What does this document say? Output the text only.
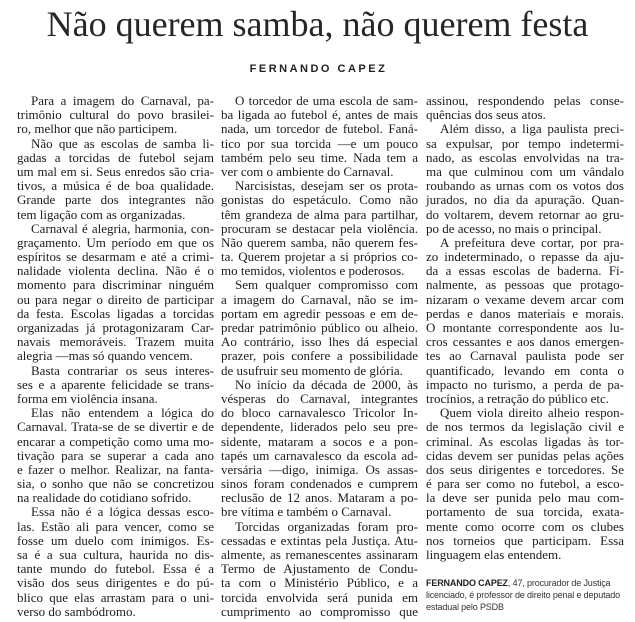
Não querem samba, não querem festa
FERNANDO CAPEZ
Para a imagem do Carnaval, pa-
trimônio cultural do povo brasilei-
ro, melhor que não participem.
Não que as escolas de samba li-
gadas a torcidas de futebol sejam
um mal em si. Seus enredos são cria-
tivos, a música é de boa qualidade.
Grande parte dos integrantes não
tem ligação com as organizadas.
Carnaval é alegria, harmonia, con-
graçamento. Um período em que os
espíritos se desarmam e até a crimi-
nalidade violenta declina. Não é o
momento para discriminar ninguém
ou para negar o direito de participar
da festa. Escolas ligadas a torcidas
organizadas já protagonizaram Car-
navais memoráveis. Trazem muita
alegria —mas só quando vencem.
Basta contrariar os seus interes-
ses e a aparente felicidade se trans-
forma em violência insana.
Elas não entendem a lógica do
Carnaval. Trata-se de se divertir e de
encarar a competição como uma mo-
tivação para se superar a cada ano
e fazer o melhor. Realizar, na fanta-
sia, o sonho que não se concretizou
na realidade do cotidiano sofrido.
Essa não é a lógica dessas esco-
las. Estão ali para vencer, como se
fosse um duelo com inimigos. Es-
sa é a sua cultura, haurida no dis-
tante mundo do futebol. Essa é a
visão dos seus dirigentes e do pú-
blico que elas arrastam para o uni-
verso do sambódromo.
O torcedor de uma escola de sam-
ba ligada ao futebol é, antes de mais
nada, um torcedor de futebol. Faná-
tico por sua torcida —e um pouco
também pelo seu time. Nada tem a
ver com o ambiente do Carnaval.
Narcisistas, desejam ser os prota-
gonistas do espetáculo. Como não
têm grandeza de alma para partilhar,
procuram se destacar pela violência.
Não querem samba, não querem fes-
ta. Querem projetar a si próprios co-
mo temidos, violentos e poderosos.
Sem qualquer compromisso com
a imagem do Carnaval, não se im-
portam em agredir pessoas e em de-
predar patrimônio público ou alheio.
Ao contrário, isso lhes dá especial
prazer, pois confere a possibilidade
de usufruir seu momento de glória.
No início da década de 2000, às
vésperas do Carnaval, integrantes
do bloco carnavalesco Tricolor In-
dependente, liderados pelo seu pre-
sidente, mataram a socos e a pon-
tapés um carnavalesco da escola ad-
versária —digo, inimiga. Os assas-
sinos foram condenados e cumprem
reclusão de 12 anos. Mataram a po-
bre vítima e também o Carnaval.
Torcidas organizadas foram pro-
cessadas e extintas pela Justiça. Atu-
almente, as remanescentes assinaram
Termo de Ajustamento de Condu-
ta com o Ministério Público, e a
torcida envolvida será punida em
cumprimento ao compromisso que
assinou, respondendo pelas conse-
quências dos seus atos.
Além disso, a liga paulista preci-
sa expulsar, por tempo indetermi-
nado, as escolas envolvidas na tra-
ma que culminou com um vândalo
roubando as urnas com os votos dos
jurados, no dia da apuração. Quan-
do voltarem, devem retornar ao gru-
po de acesso, no mais o principal.
A prefeitura deve cortar, por pra-
zo indeterminado, o repasse da aju-
da a essas escolas de baderna. Fi-
nalmente, as pessoas que protago-
nizaram o vexame devem arcar com
perdas e danos materiais e morais.
O montante correspondente aos lu-
cros cessantes e aos danos emergen-
tes ao Carnaval paulista pode ser
quantificado, levando em conta o
impacto no turismo, a perda de pa-
trocínios, a retração do público etc.
Quem viola direito alheio respon-
de nos termos da legislação civil e
criminal. As escolas ligadas às tor-
cidas devem ser punidas pelas ações
dos seus dirigentes e torcedores. Se
é para ser como no futebol, a esco-
la deve ser punida pelo mau com-
portamento de sua torcida, exata-
mente como ocorre com os clubes
nos torneios que participam. Essa
linguagem elas entendem.
FERNANDO CAPEZ, 47, procurador de Justiça
licenciado, é professor de direito penal e deputado
estadual pelo PSDB
